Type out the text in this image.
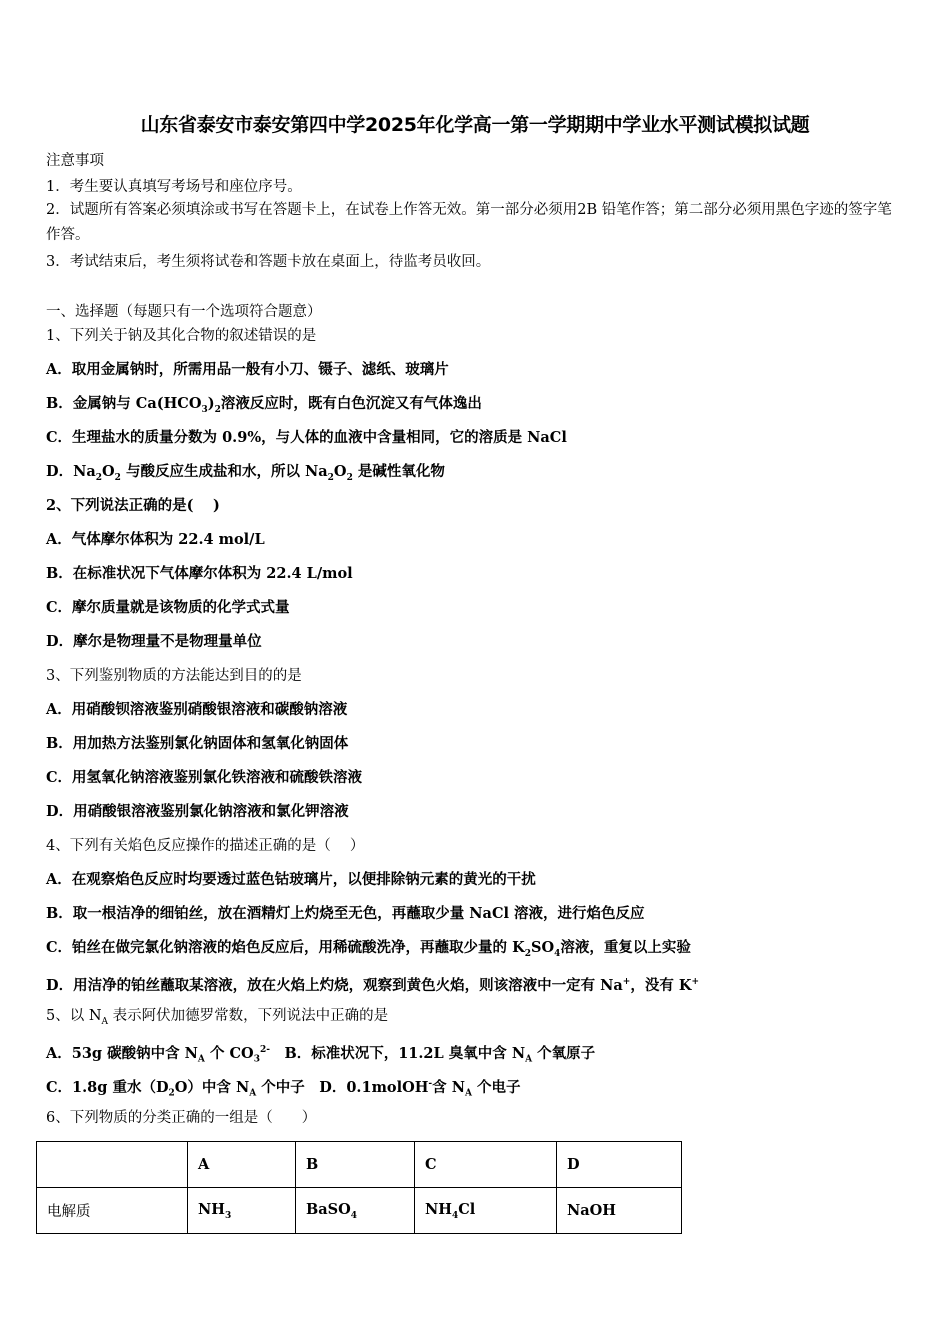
山东省泰安市泰安第四中学2025年化学高一第一学期期中学业水平测试模拟试题
注意事项
1．考生要认真填写考场号和座位序号。
2．试题所有答案必须填涂或书写在答题卡上，在试卷上作答无效。第一部分必须用2B 铅笔作答；第二部分必须用黑色字迹的签字笔作答。
3．考试结束后，考生须将试卷和答题卡放在桌面上，待监考员收回。
一、选择题（每题只有一个选项符合题意）
1、下列关于钠及其化合物的叙述错误的是
A．取用金属钠时，所需用品一般有小刀、镊子、滤纸、玻璃片
B．金属钠与 $Ca(HCO_3)_2$溶液反应时，既有白色沉淀又有气体逸出
C．生理盐水的质量分数为 0.9%，与人体的血液中含量相同，它的溶质是 NaCl
D．$Na_2O_2$ 与酸反应生成盐和水，所以 $Na_2O_2$ 是碱性氧化物
2、下列说法正确的是(　 )
A．气体摩尔体积为 22.4 mol/L
B．在标准状况下气体摩尔体积为 22.4 L/mol
C．摩尔质量就是该物质的化学式式量
D．摩尔是物理量不是物理量单位
3、下列鉴别物质的方法能达到目的的是
A．用硝酸钡溶液鉴别硝酸银溶液和碳酸钠溶液
B．用加热方法鉴别氯化钠固体和氢氧化钠固体
C．用氢氧化钠溶液鉴别氯化铁溶液和硫酸铁溶液
D．用硝酸银溶液鉴别氯化钠溶液和氯化钾溶液
4、下列有关焰色反应操作的描述正确的是（　 ）
A．在观察焰色反应时均要透过蓝色钴玻璃片，以便排除钠元素的黄光的干扰
B．取一根洁净的细铂丝，放在酒精灯上灼烧至无色，再蘸取少量 NaCl 溶液，进行焰色反应
C．铂丝在做完氯化钠溶液的焰色反应后，用稀硫酸洗净，再蘸取少量的 $K_2SO_4$溶液，重复以上实验
D．用洁净的铂丝蘸取某溶液，放在火焰上灼烧，观察到黄色火焰，则该溶液中一定有 Na+，没有 K+
5、以 $N_A$ 表示阿伏加德罗常数，下列说法中正确的是
A．53g 碳酸钠中含 $N_A$ 个 $CO_3^{2-}$　B．标准状况下，11.2L 臭氧中含 $N_A$ 个氧原子
C．1.8g 重水$(D_2O)$中含 $N_A$ 个中子　D．0.1molOH-含 $N_A$ 个电子
6、下列物质的分类正确的一组是（　　）
	A	B	C	D
电解质	$NH_3$	BaSO$_4$	$NH_4Cl$	NaOH
